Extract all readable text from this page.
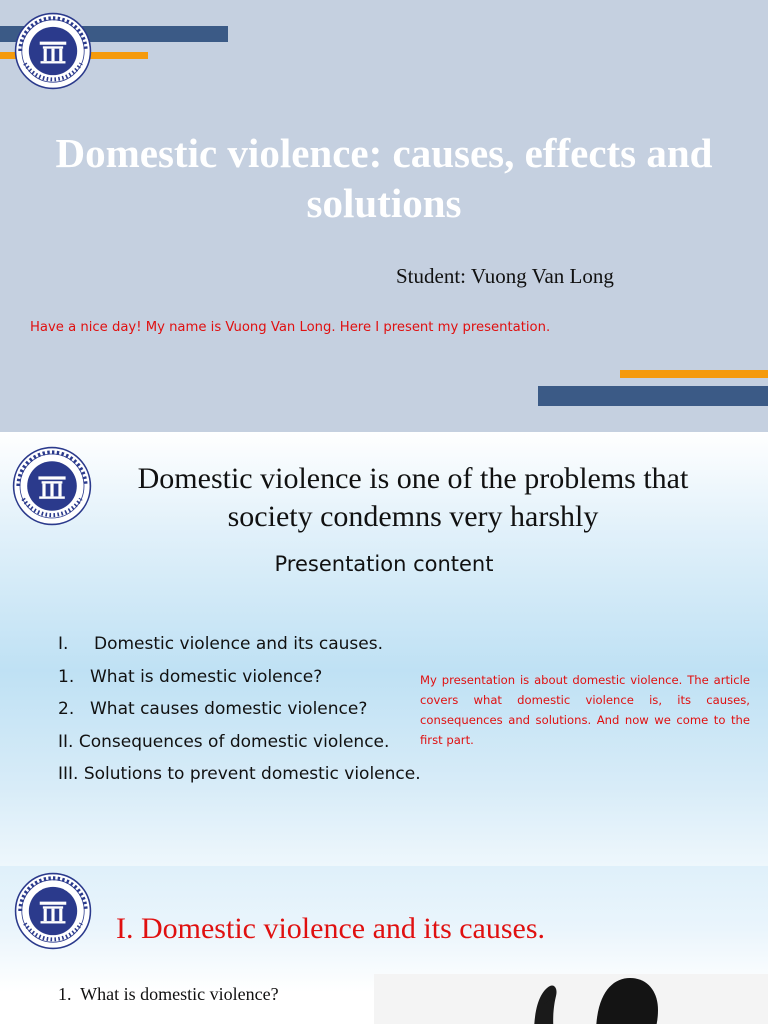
Domestic violence: causes, effects and solutions
Student: Vuong Van Long
Have a nice day! My name is Vuong Van Long. Here I present my presentation.
Domestic violence is one of the problems that society condemns very harshly
Presentation content
I. Domestic violence and its causes.
1. What is domestic violence?
2. What causes domestic violence?
II. Consequences of domestic violence.
III. Solutions to prevent domestic violence.
My presentation is about domestic violence. The article covers what domestic violence is, its causes, consequences and solutions. And now we come to the first part.
I. Domestic violence and its causes.
1.  What is domestic violence?
